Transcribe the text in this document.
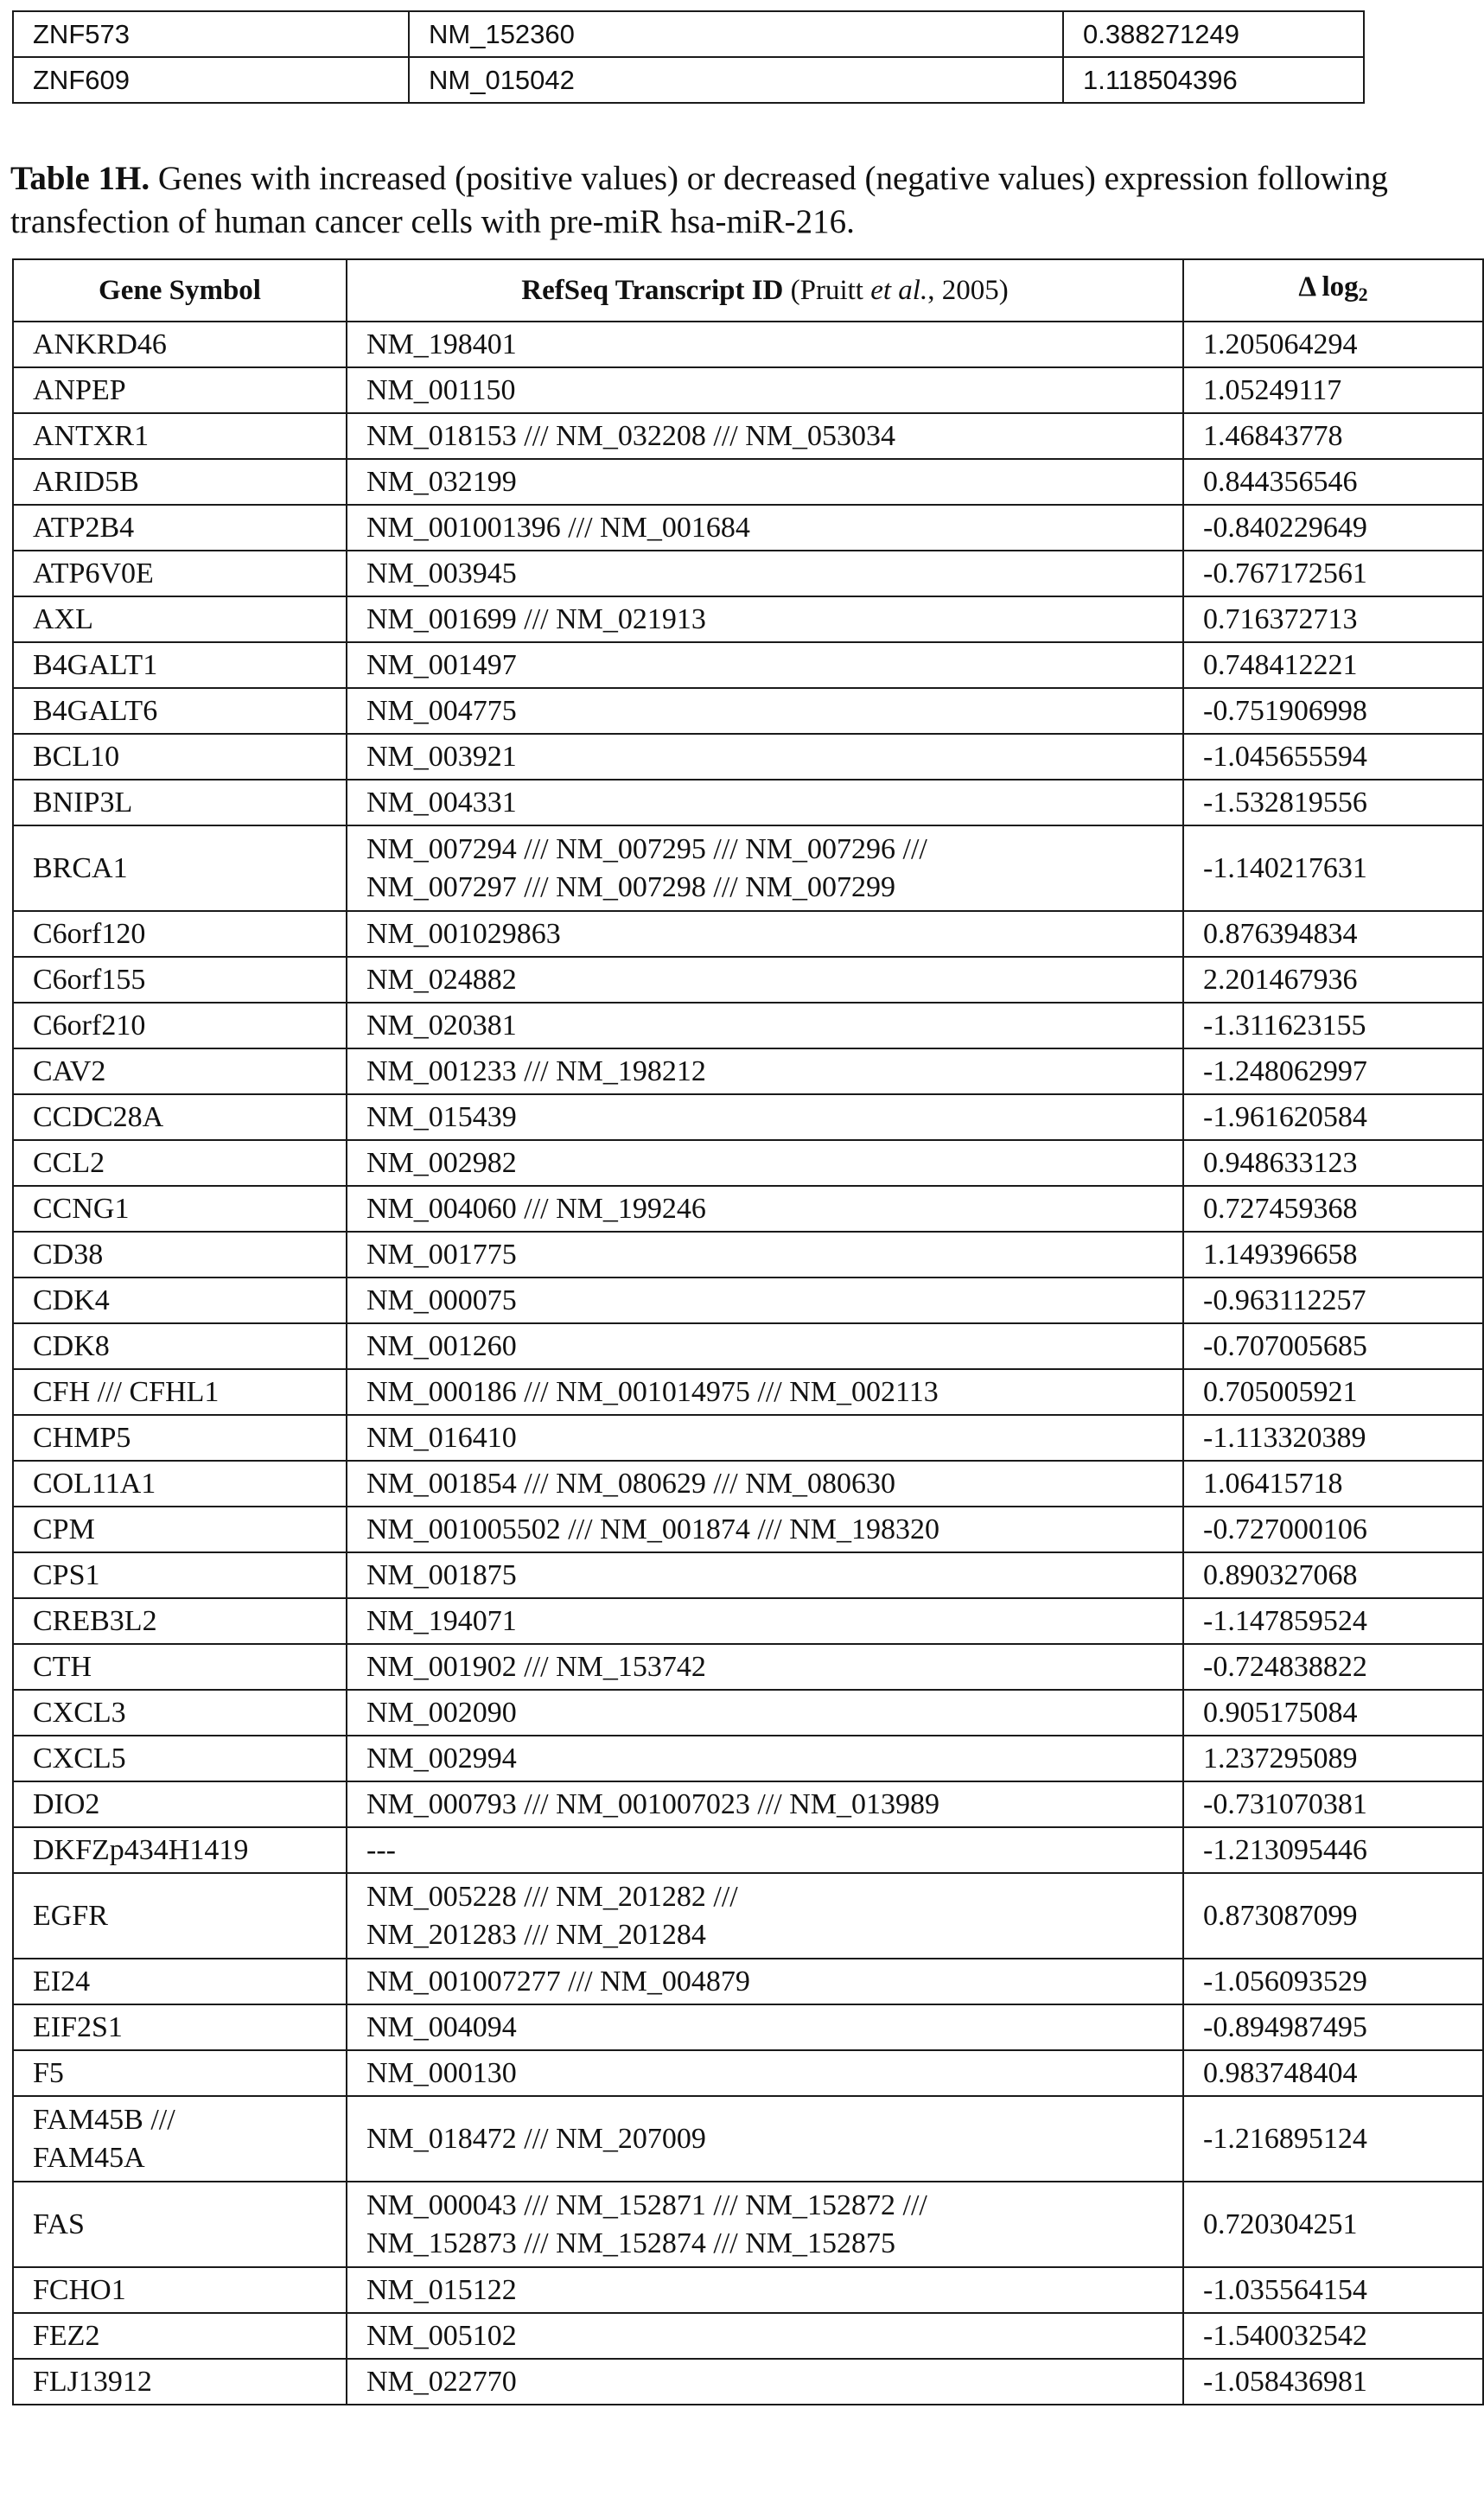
ZNF573	NM_152360	0.388271249
ZNF609	NM_015042	1.118504396
Table 1H. Genes with increased (positive values) or decreased (negative values) expression following transfection of human cancer cells with pre-miR hsa-miR-216.
Gene Symbol	RefSeq Transcript ID (Pruitt et al., 2005)	Δ $\log_2$
ANKRD46	NM_198401	1.205064294
ANPEP	NM_001150	1.05249117
ANTXR1	NM_018153 /// NM_032208 /// NM_053034	1.46843778
ARID5B	NM_032199	0.844356546
ATP2B4	NM_001001396 /// NM_001684	-0.840229649
ATP6V0E	NM_003945	-0.767172561
AXL	NM_001699 /// NM_021913	0.716372713
B4GALT1	NM_001497	0.748412221
B4GALT6	NM_004775	-0.751906998
BCL10	NM_003921	-1.045655594
BNIP3L	NM_004331	-1.532819556
BRCA1	NM_007294 /// NM_007295 /// NM_007296 ///
NM_007297 /// NM_007298 /// NM_007299	-1.140217631
C6orf120	NM_001029863	0.876394834
C6orf155	NM_024882	2.201467936
C6orf210	NM_020381	-1.311623155
CAV2	NM_001233 /// NM_198212	-1.248062997
CCDC28A	NM_015439	-1.961620584
CCL2	NM_002982	0.948633123
CCNG1	NM_004060 /// NM_199246	0.727459368
CD38	NM_001775	1.149396658
CDK4	NM_000075	-0.963112257
CDK8	NM_001260	-0.707005685
CFH /// CFHL1	NM_000186 /// NM_001014975 /// NM_002113	0.705005921
CHMP5	NM_016410	-1.113320389
COL11A1	NM_001854 /// NM_080629 /// NM_080630	1.06415718
CPM	NM_001005502 /// NM_001874 /// NM_198320	-0.727000106
CPS1	NM_001875	0.890327068
CREB3L2	NM_194071	-1.147859524
CTH	NM_001902 /// NM_153742	-0.724838822
CXCL3	NM_002090	0.905175084
CXCL5	NM_002994	1.237295089
DIO2	NM_000793 /// NM_001007023 /// NM_013989	-0.731070381
DKFZp434H1419	---	-1.213095446
EGFR	NM_005228 /// NM_201282 ///
NM_201283 /// NM_201284	0.873087099
EI24	NM_001007277 /// NM_004879	-1.056093529
EIF2S1	NM_004094	-0.894987495
F5	NM_000130	0.983748404
FAM45B ///
FAM45A	NM_018472 /// NM_207009	-1.216895124
FAS	NM_000043 /// NM_152871 /// NM_152872 ///
NM_152873 /// NM_152874 /// NM_152875	0.720304251
FCHO1	NM_015122	-1.035564154
FEZ2	NM_005102	-1.540032542
FLJ13912	NM_022770	-1.058436981
